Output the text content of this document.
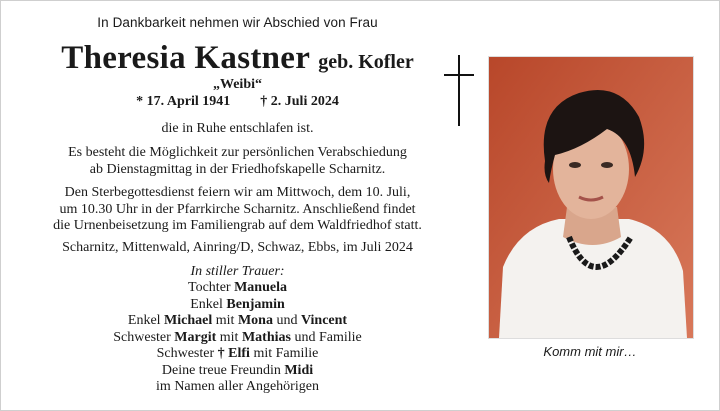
In Dankbarkeit nehmen wir Abschied von Frau
Theresia Kastner geb. Kofler
„Weibi“
* 17. April 1941 † 2. Juli 2024
die in Ruhe entschlafen ist.
Es besteht die Möglichkeit zur persönlichen Verabschiedung
ab Dienstagmittag in der Friedhofskapelle Scharnitz.
Den Sterbegottesdienst feiern wir am Mittwoch, dem 10. Juli,
um 10.30 Uhr in der Pfarrkirche Scharnitz. Anschließend findet
die Urnenbeisetzung im Familiengrab auf dem Waldfriedhof statt.
Scharnitz, Mittenwald, Ainring/D, Schwaz, Ebbs, im Juli 2024
In stiller Trauer:
Tochter Manuela
Enkel Benjamin
Enkel Michael mit Mona und Vincent
Schwester Margit mit Mathias und Familie
Schwester † Elfi mit Familie
Deine treue Freundin Midi
im Namen aller Angehörigen
Komm mit mir…
